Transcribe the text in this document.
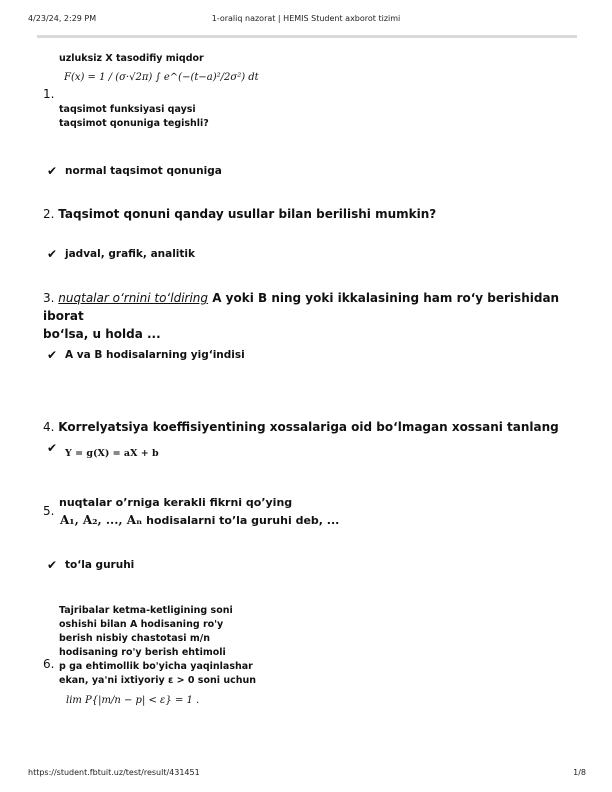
4/23/24, 2:29 PM	1-oraliq nazorat | HEMIS Student axborot tizimi
uzluksiz X tasodifiy miqdor
F(x) = 1 / (σ·√2π) ∫ e^(−(t−a)²/2σ²) dt
1.
taqsimot funksiyasi qaysi
taqsimot qonuniga tegishli?
✔ normal taqsimot qonuniga
2. Taqsimot qonuni qanday usullar bilan berilishi mumkin?
✔ jadval, grafik, analitik
3. nuqtalar o‘rnini to‘ldiring A yoki B ning yoki ikkalasining ham ro‘y berishidan iborat
bo‘lsa, u holda ...
✔ A va B hodisalarning yig‘indisi
4. Korrelyatsiya koeffisiyentining xossalariga oid bo‘lmagan xossani tanlang
✔ Y = g(X) = aX + b
nuqtalar o’rniga kerakli fikrni qo’ying
5.
A₁, A₂, ..., Aₙ hodisalarni to’la guruhi deb, ...
✔ to‘la guruhi
Tajribalar ketma-ketligining soni
oshishi bilan A hodisaning ro'y
berish nisbiy chastotasi m/n
hodisaning ro'y berish ehtimoli
6. p ga ehtimollik bo'yicha yaqinlashar
ekan, ya'ni ixtiyoriy ε > 0 soni uchun
lim P{|m/n − p| < ε} = 1 .
https://student.fbtuit.uz/test/result/431451	1/8
